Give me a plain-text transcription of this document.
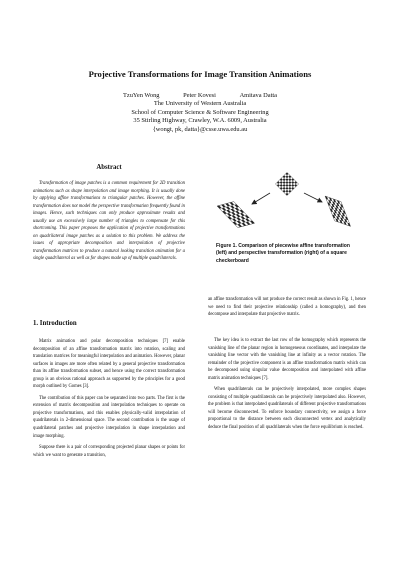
Projective Transformations for Image Transition Animations
TzuYen Wong	Peter Kovesi	Amitava Datta
The University of Western Australia
School of Computer Science & Software Engineering
35 Stirling Highway, Crawley, W.A. 6009, Australia
{wongt, pk, datta}@csse.uwa.edu.au
Abstract

Transformation of image patches is a common requirement for 2D transition animations such as shape interpolation and image morphing. It is usually done by applying affine transformations to triangular patches. However, the affine transformation does not model the perspective transformation frequently found in images. Hence, such techniques can only produce approximate results and usually use an excessively large number of triangles to compensate for this shortcoming. This paper proposes the application of projective transformations on quadrilateral image patches as a solution to this problem. We address the issues of appropriate decomposition and interpolation of projective transformation matrices to produce a natural looking transition animation for a single quadrilateral as well as for shapes made up of multiple quadrilaterals.

1. Introduction

Matrix animation and polar decomposition techniques [7] enable decomposition of an affine transformation matrix into rotation, scaling and translation matrices for meaningful interpolation and animation. However, planar surfaces in images are more often related by a general projective transformation than its affine transformation subset, and hence using the correct transformation group is an obvious rational approach as supported by the principles for a good morph outlined by Gomes [3].

The contribution of this paper can be separated into two parts. The first is the extension of matrix decomposition and interpolation techniques to operate on projective transformations, and this enables physically-valid interpolation of quadrilaterals in 2-dimensional space. The second contribution is the usage of quadrilateral patches and projective interpolation in shape interpolation and image morphing.

Suppose there is a pair of corresponding projected planar shapes or points for which we want to generate a transition,

Figure 1. Comparison of piecewise affine transformation (left) and perspective transformation (right) of a square checkerboard

an affine transformation will not produce the correct result as shown in Fig. 1, hence we need to find their projective relationship (called a homography), and then decompose and interpolate that projective matrix.

The key idea is to extract the last row of the homography which represents the vanishing line of the planar region in homogeneous coordinates, and interpolate the vanishing line vector with the vanishing line at infinity as a vector rotation. The remainder of the projective component is an affine transformation matrix which can be decomposed using singular value decomposition and interpolated with affine matrix animation techniques [7].

When quadrilaterals can be projectively interpolated, more complex shapes consisting of multiple quadrilaterals can be projectively interpolated also. However, the problem is that interpolated quadrilaterals of different projective transformations will become disconnected. To enforce boundary connectivity, we assign a force proportional to the distance between each disconnected vertex and analytically deduce the final position of all quadrilaterals when the force equilibrium is reached.
